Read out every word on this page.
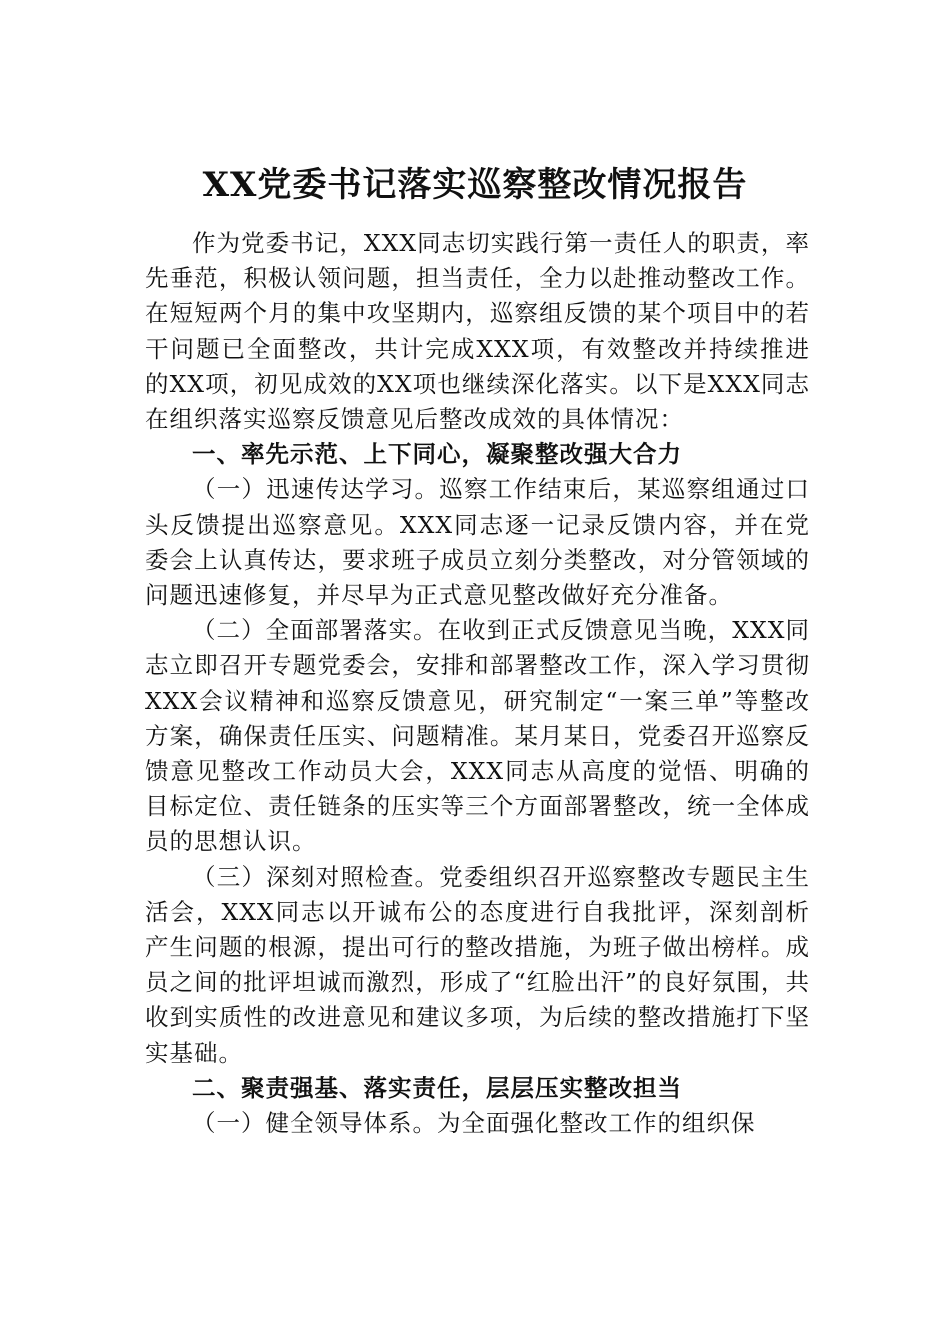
XX党委书记落实巡察整改情况报告

作为党委书记，XXX同志切实践行第一责任人的职责，率先垂范，积极认领问题，担当责任，全力以赴推动整改工作。在短短两个月的集中攻坚期内，巡察组反馈的某个项目中的若干问题已全面整改，共计完成XXX项，有效整改并持续推进的XX项，初见成效的XX项也继续深化落实。以下是XXX同志在组织落实巡察反馈意见后整改成效的具体情况：

一、率先示范、上下同心，凝聚整改强大合力

（一）迅速传达学习。巡察工作结束后，某巡察组通过口头反馈提出巡察意见。XXX同志逐一记录反馈内容，并在党委会上认真传达，要求班子成员立刻分类整改，对分管领域的问题迅速修复，并尽早为正式意见整改做好充分准备。

（二）全面部署落实。在收到正式反馈意见当晚，XXX同志立即召开专题党委会，安排和部署整改工作，深入学习贯彻XXX会议精神和巡察反馈意见，研究制定“一案三单”等整改方案，确保责任压实、问题精准。某月某日，党委召开巡察反馈意见整改工作动员大会，XXX同志从高度的觉悟、明确的目标定位、责任链条的压实等三个方面部署整改，统一全体成员的思想认识。

（三）深刻对照检查。党委组织召开巡察整改专题民主生活会，XXX同志以开诚布公的态度进行自我批评，深刻剖析产生问题的根源，提出可行的整改措施，为班子做出榜样。成员之间的批评坦诚而激烈，形成了“红脸出汗”的良好氛围，共收到实质性的改进意见和建议多项，为后续的整改措施打下坚实基础。

二、聚责强基、落实责任，层层压实整改担当

（一）健全领导体系。为全面强化整改工作的组织保
